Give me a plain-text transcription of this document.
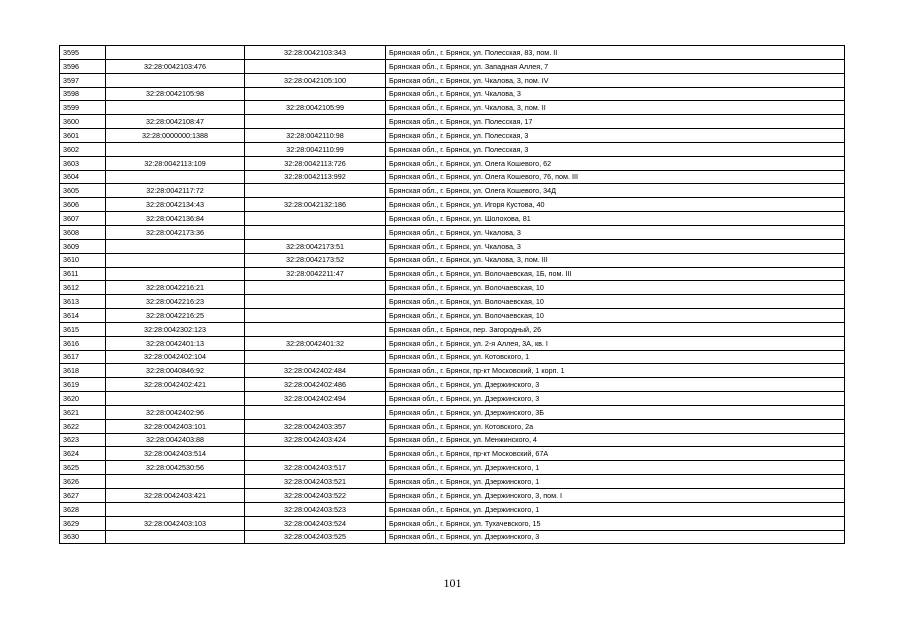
3595		32:28:0042103:343	Брянская обл., г. Брянск, ул. Полесская, 83, пом. II
3596	32:28:0042103:476		Брянская обл., г. Брянск, ул. Западная Аллея, 7
3597		32:28:0042105:100	Брянская обл., г. Брянск, ул. Чкалова, 3, пом. IV
3598	32:28:0042105:98		Брянская обл., г. Брянск, ул. Чкалова, 3
3599		32:28:0042105:99	Брянская обл., г. Брянск, ул. Чкалова, 3, пом. II
3600	32:28:0042108:47		Брянская обл., г. Брянск, ул. Полесская, 17
3601	32:28:0000000:1388	32:28:0042110:98	Брянская обл., г. Брянск, ул. Полесская, 3
3602		32:28:0042110:99	Брянская обл., г. Брянск, ул. Полесская, 3
3603	32:28:0042113:109	32:28:0042113:726	Брянская обл., г. Брянск, ул. Олега Кошевого, 62
3604		32:28:0042113:992	Брянская обл., г. Брянск, ул. Олега Кошевого, 76, пом. III
3605	32:28:0042117:72		Брянская обл., г. Брянск, ул. Олега Кошевого, 34Д
3606	32:28:0042134:43	32:28:0042132:186	Брянская обл., г. Брянск, ул. Игоря Кустова, 40
3607	32:28:0042136:84		Брянская обл., г. Брянск, ул. Шолохова, 81
3608	32:28:0042173:36		Брянская обл., г. Брянск, ул. Чкалова, 3
3609		32:28:0042173:51	Брянская обл., г. Брянск, ул. Чкалова, 3
3610		32:28:0042173:52	Брянская обл., г. Брянск, ул. Чкалова, 3, пом. III
3611		32:28:0042211:47	Брянская обл., г. Брянск, ул. Волочаевская, 1Б, пом. III
3612	32:28:0042216:21		Брянская обл., г. Брянск, ул. Волочаевская, 10
3613	32:28:0042216:23		Брянская обл., г. Брянск, ул. Волочаевская, 10
3614	32:28:0042216:25		Брянская обл., г. Брянск, ул. Волочаевская, 10
3615	32:28:0042302:123		Брянская обл., г. Брянск, пер. Загородный, 26
3616	32:28:0042401:13	32:28:0042401:32	Брянская обл., г. Брянск, ул. 2-я Аллея, 3А, кв. I
3617	32:28:0042402:104		Брянская обл., г. Брянск, ул. Котовского, 1
3618	32:28:0040846:92	32:28:0042402:484	Брянская обл., г. Брянск, пр-кт Московский, 1 корп. 1
3619	32:28:0042402:421	32:28:0042402:486	Брянская обл., г. Брянск, ул. Дзержинского, 3
3620		32:28:0042402:494	Брянская обл., г. Брянск, ул. Дзержинского, 3
3621	32:28:0042402:96		Брянская обл., г. Брянск, ул. Дзержинского, 3Б
3622	32:28:0042403:101	32:28:0042403:357	Брянская обл., г. Брянск, ул. Котовского, 2а
3623	32:28:0042403:88	32:28:0042403:424	Брянская обл., г. Брянск, ул. Менжинского, 4
3624	32:28:0042403:514		Брянская обл., г. Брянск, пр-кт Московский, 67А
3625	32:28:0042530:56	32:28:0042403:517	Брянская обл., г. Брянск, ул. Дзержинского, 1
3626		32:28:0042403:521	Брянская обл., г. Брянск, ул. Дзержинского, 1
3627	32:28:0042403:421	32:28:0042403:522	Брянская обл., г. Брянск, ул. Дзержинского, 3, пом. I
3628		32:28:0042403:523	Брянская обл., г. Брянск, ул. Дзержинского, 1
3629	32:28:0042403:103	32:28:0042403:524	Брянская обл., г. Брянск, ул. Тухачевского, 15
3630		32:28:0042403:525	Брянская обл., г. Брянск, ул. Дзержинского, 3
101
